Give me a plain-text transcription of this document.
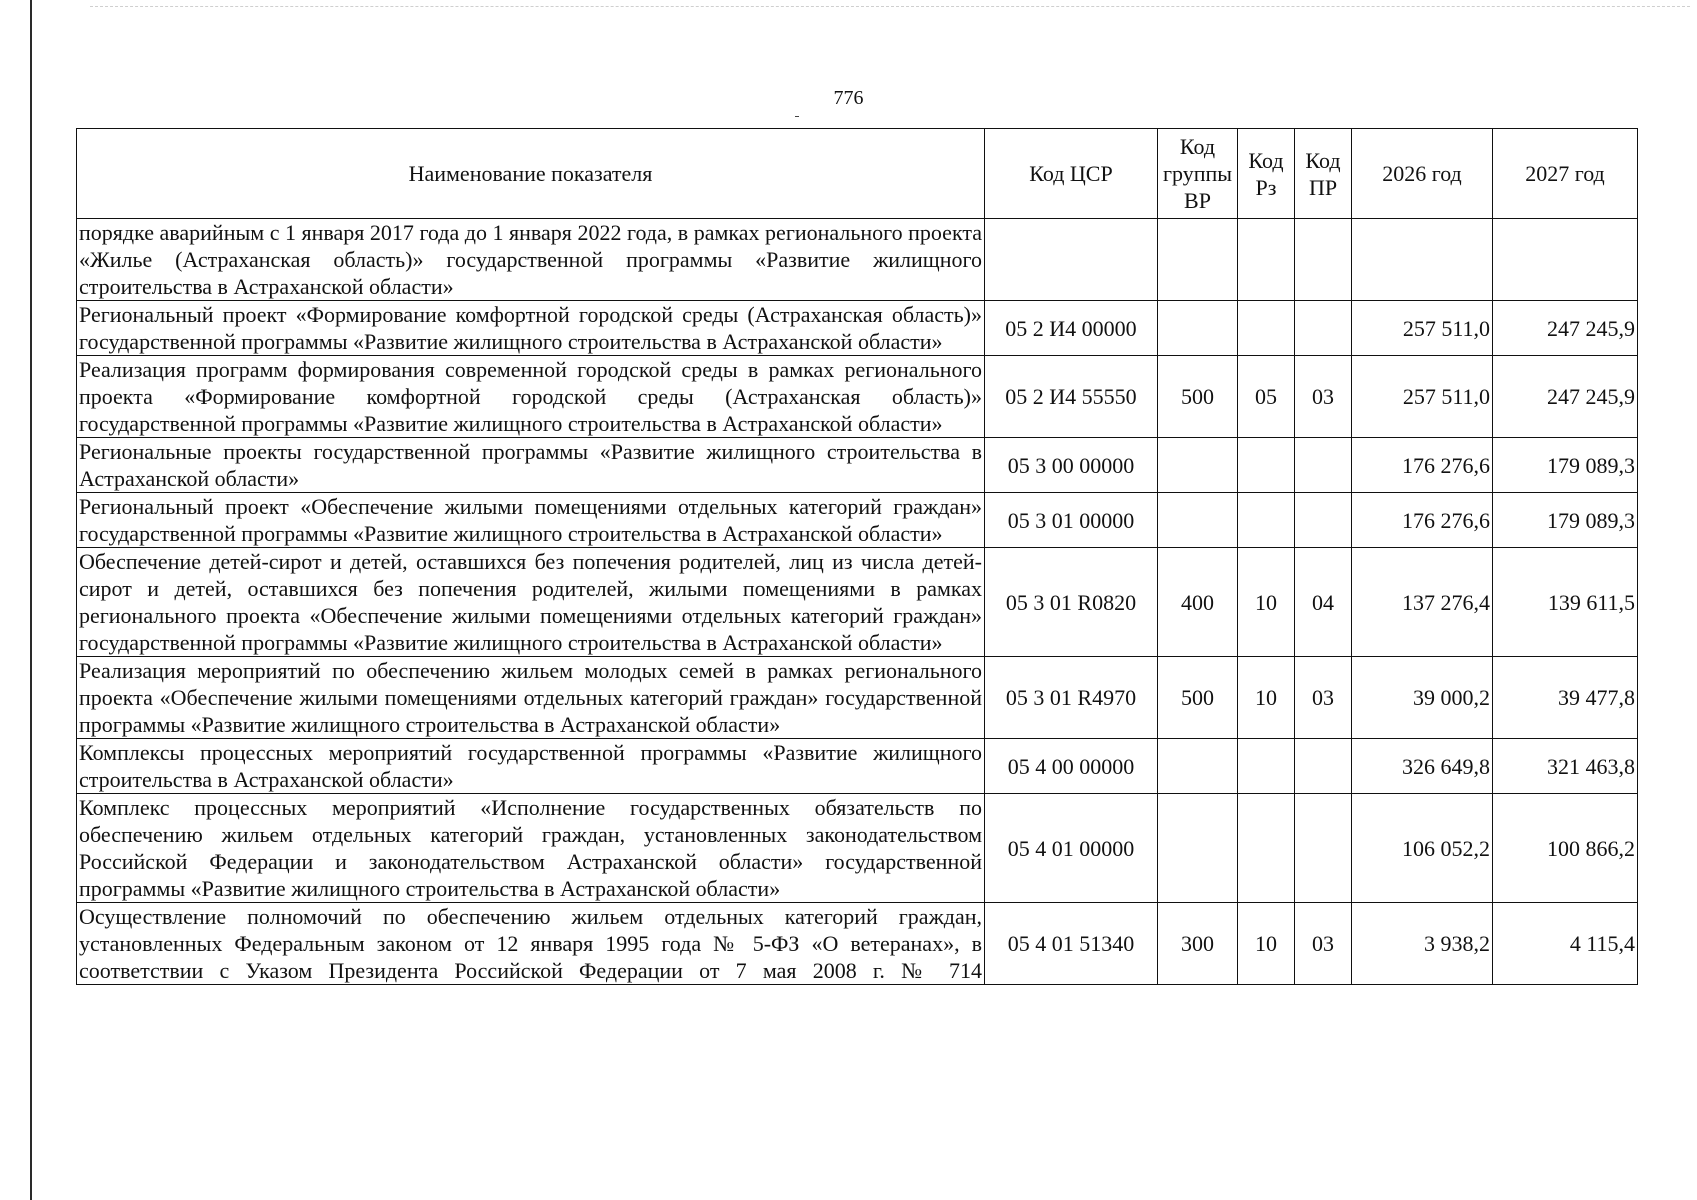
776
Наименование показателя	Код ЦСР	Код группы ВР	Код Рз	Код ПР	2026 год	2027 год
порядке аварийным с 1 января 2017 года до 1 января 2022 года, в рамках регионального проекта «Жилье (Астраханская область)» государственной программы «Развитие жилищного строительства в Астраханской области»						
Региональный проект «Формирование комфортной городской среды (Астраханская область)» государственной программы «Развитие жилищного строительства в Астраханской области»	05 2 И4 00000				257 511,0	247 245,9
Реализация программ формирования современной городской среды в рамках регионального проекта «Формирование комфортной городской среды (Астраханская область)» государственной программы «Развитие жилищного строительства в Астраханской области»	05 2 И4 55550	500	05	03	257 511,0	247 245,9
Региональные проекты государственной программы «Развитие жилищного строительства в Астраханской области»	05 3 00 00000				176 276,6	179 089,3
Региональный проект «Обеспечение жилыми помещениями отдельных категорий граждан» государственной программы «Развитие жилищного строительства в Астраханской области»	05 3 01 00000				176 276,6	179 089,3
Обеспечение детей-сирот и детей, оставшихся без попечения родителей, лиц из числа детей-сирот и детей, оставшихся без попечения родителей, жилыми помещениями в рамках регионального проекта «Обеспечение жилыми помещениями отдельных категорий граждан» государственной программы «Развитие жилищного строительства в Астраханской области»	05 3 01 R0820	400	10	04	137 276,4	139 611,5
Реализация мероприятий по обеспечению жильем молодых семей в рамках регионального проекта «Обеспечение жилыми помещениями отдельных категорий граждан» государственной программы «Развитие жилищного строительства в Астраханской области»	05 3 01 R4970	500	10	03	39 000,2	39 477,8
Комплексы процессных мероприятий государственной программы «Развитие жилищного строительства в Астраханской области»	05 4 00 00000				326 649,8	321 463,8
Комплекс процессных мероприятий «Исполнение государственных обязательств по обеспечению жильем отдельных категорий граждан, установленных законодательством Российской Федерации и законодательством Астраханской области» государственной программы «Развитие жилищного строительства в Астраханской области»	05 4 01 00000				106 052,2	100 866,2
Осуществление полномочий по обеспечению жильем отдельных категорий граждан, установленных Федеральным законом от 12 января 1995 года № 5-ФЗ «О ветеранах», в соответствии с Указом Президента Российской Федерации от 7 мая 2008 г. № 714	05 4 01 51340	300	10	03	3 938,2	4 115,4
